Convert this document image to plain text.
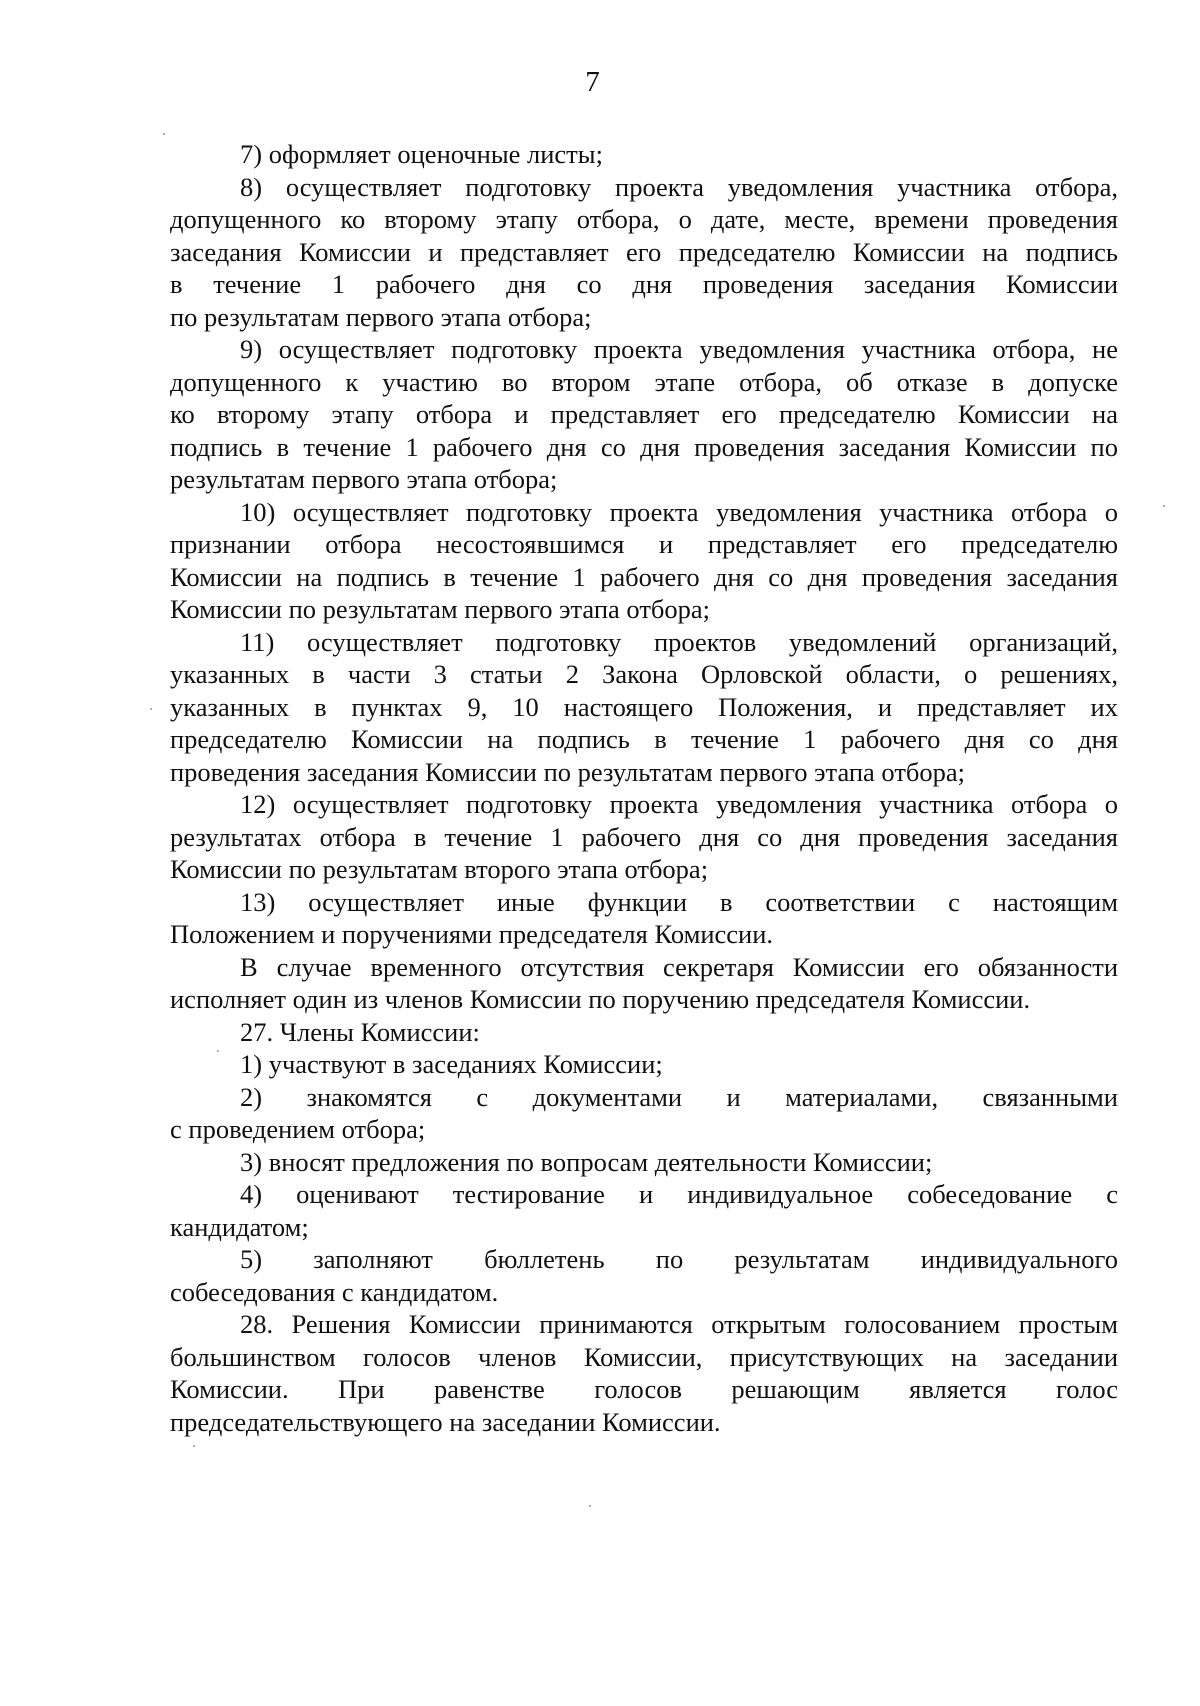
7
7) оформляет оценочные листы;
8) осуществляет подготовку проекта уведомления участника отбора,
допущенного ко второму этапу отбора, о дате, месте, времени проведения
заседания Комиссии и представляет его председателю Комиссии на подпись
в течение 1 рабочего дня со дня проведения заседания Комиссии
по результатам первого этапа отбора;
9) осуществляет подготовку проекта уведомления участника отбора, не
допущенного к участию во втором этапе отбора, об отказе в допуске
ко второму этапу отбора и представляет его председателю Комиссии на
подпись в течение 1 рабочего дня со дня проведения заседания Комиссии по
результатам первого этапа отбора;
10) осуществляет подготовку проекта уведомления участника отбора о
признании отбора несостоявшимся и представляет его председателю
Комиссии на подпись в течение 1 рабочего дня со дня проведения заседания
Комиссии по результатам первого этапа отбора;
11) осуществляет подготовку проектов уведомлений организаций,
указанных в части 3 статьи 2 Закона Орловской области, о решениях,
указанных в пунктах 9, 10 настоящего Положения, и представляет их
председателю Комиссии на подпись в течение 1 рабочего дня со дня
проведения заседания Комиссии по результатам первого этапа отбора;
12) осуществляет подготовку проекта уведомления участника отбора о
результатах отбора в течение 1 рабочего дня со дня проведения заседания
Комиссии по результатам второго этапа отбора;
13) осуществляет иные функции в соответствии с настоящим
Положением и поручениями председателя Комиссии.
В случае временного отсутствия секретаря Комиссии его обязанности
исполняет один из членов Комиссии по поручению председателя Комиссии.
27. Члены Комиссии:
1) участвуют в заседаниях Комиссии;
2) знакомятся с документами и материалами, связанными
с проведением отбора;
3) вносят предложения по вопросам деятельности Комиссии;
4) оценивают тестирование и индивидуальное собеседование с
кандидатом;
5) заполняют бюллетень по результатам индивидуального
собеседования с кандидатом.
28. Решения Комиссии принимаются открытым голосованием простым
большинством голосов членов Комиссии, присутствующих на заседании
Комиссии. При равенстве голосов решающим является голос
председательствующего на заседании Комиссии.
